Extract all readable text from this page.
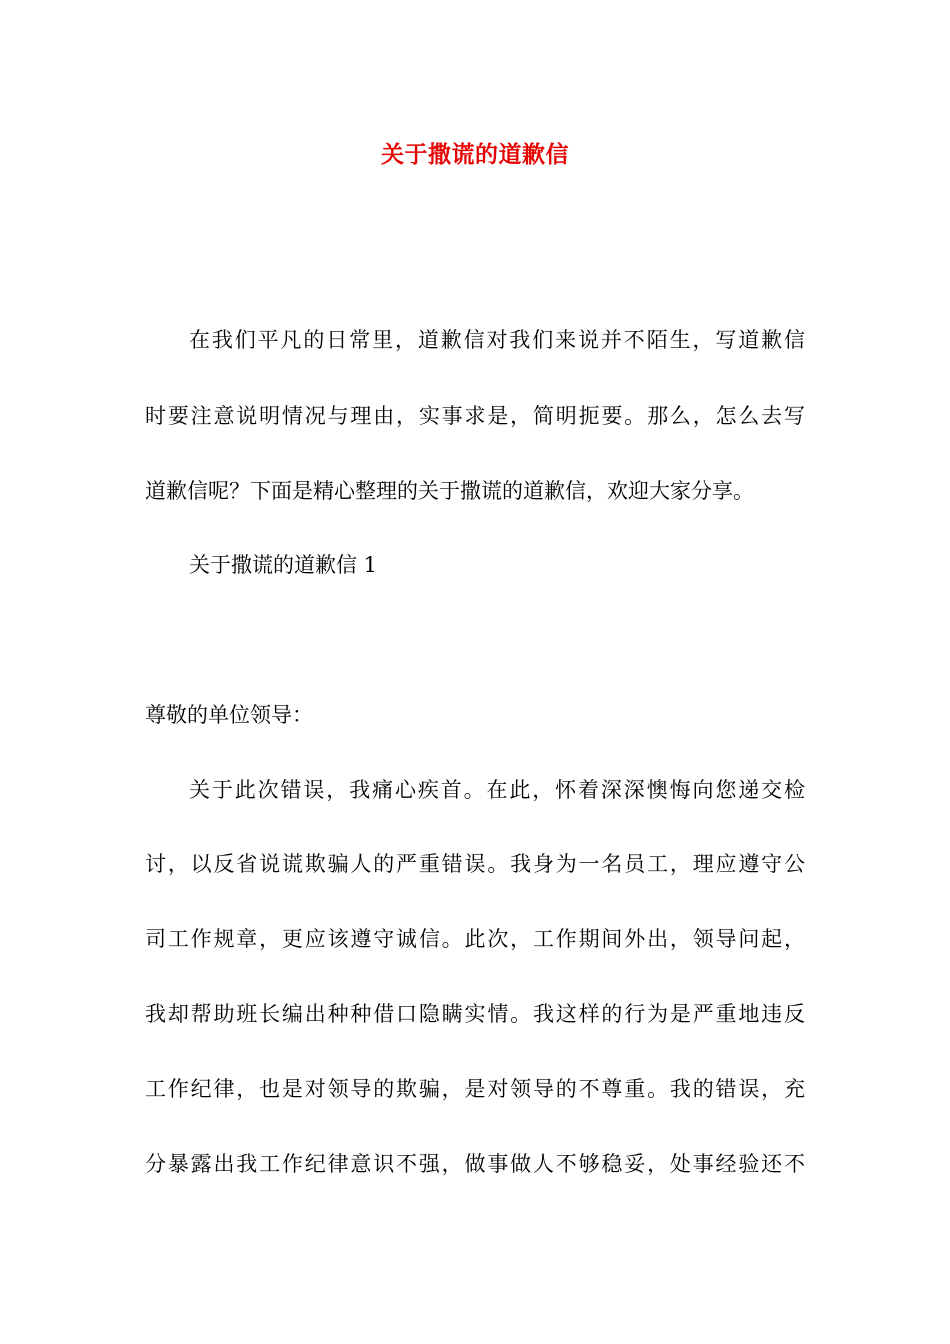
关于撒谎的道歉信
在我们平凡的日常里，道歉信对我们来说并不陌生，写道歉信
时要注意说明情况与理由，实事求是，简明扼要。那么，怎么去写
道歉信呢？下面是精心整理的关于撒谎的道歉信，欢迎大家分享。
关于撒谎的道歉信 1
尊敬的单位领导：
关于此次错误，我痛心疾首。在此，怀着深深懊悔向您递交检
讨，以反省说谎欺骗人的严重错误。我身为一名员工，理应遵守公
司工作规章，更应该遵守诚信。此次，工作期间外出，领导问起，
我却帮助班长编出种种借口隐瞒实情。我这样的行为是严重地违反
工作纪律，也是对领导的欺骗，是对领导的不尊重。我的错误，充
分暴露出我工作纪律意识不强，做事做人不够稳妥，处事经验还不
